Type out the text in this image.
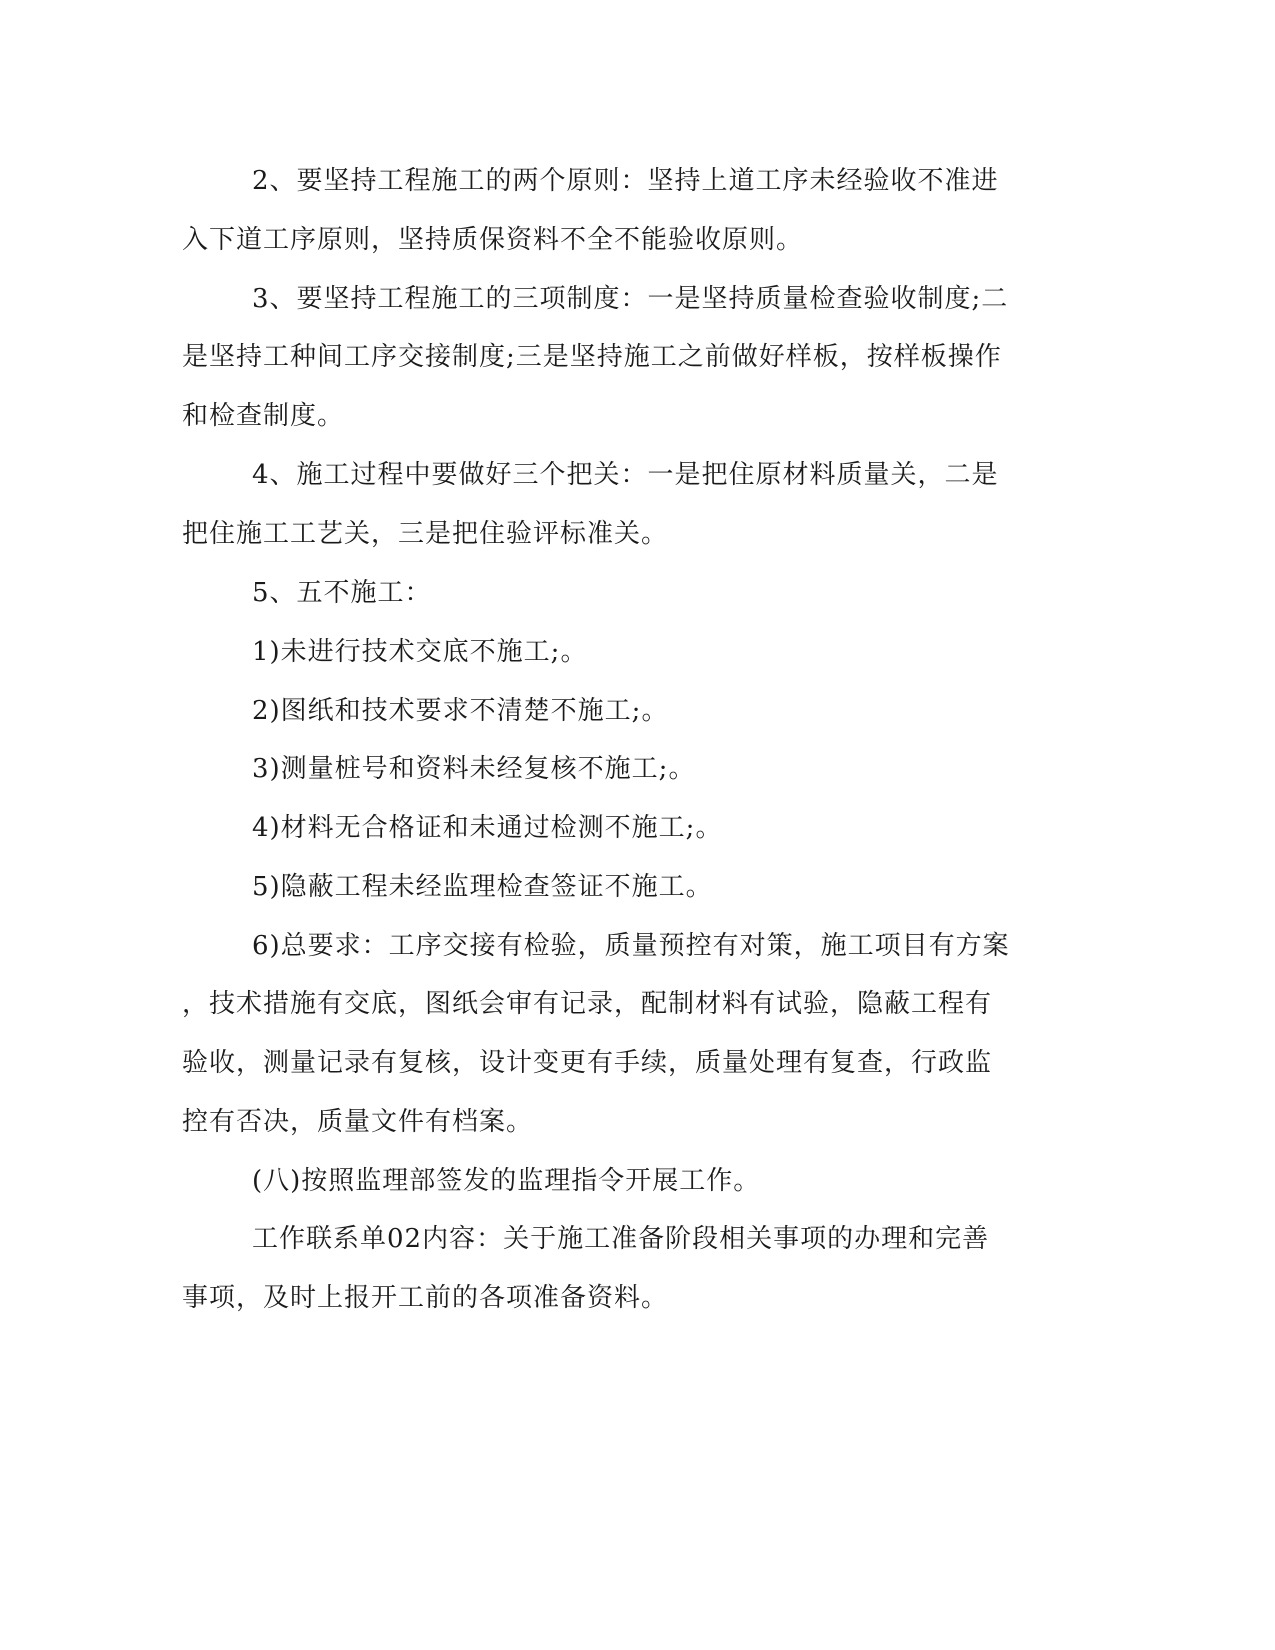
2、要坚持工程施工的两个原则：坚持上道工序未经验收不准进
入下道工序原则，坚持质保资料不全不能验收原则。
3、要坚持工程施工的三项制度：一是坚持质量检查验收制度;二
是坚持工种间工序交接制度;三是坚持施工之前做好样板，按样板操作
和检查制度。
4、施工过程中要做好三个把关：一是把住原材料质量关，二是
把住施工工艺关，三是把住验评标准关。
5、五不施工：
1)未进行技术交底不施工;。
2)图纸和技术要求不清楚不施工;。
3)测量桩号和资料未经复核不施工;。
4)材料无合格证和未通过检测不施工;。
5)隐蔽工程未经监理检查签证不施工。
6)总要求：工序交接有检验，质量预控有对策，施工项目有方案
，技术措施有交底，图纸会审有记录，配制材料有试验，隐蔽工程有
验收，测量记录有复核，设计变更有手续，质量处理有复查，行政监
控有否决，质量文件有档案。
(八)按照监理部签发的监理指令开展工作。
工作联系单02内容：关于施工准备阶段相关事项的办理和完善
事项，及时上报开工前的各项准备资料。
